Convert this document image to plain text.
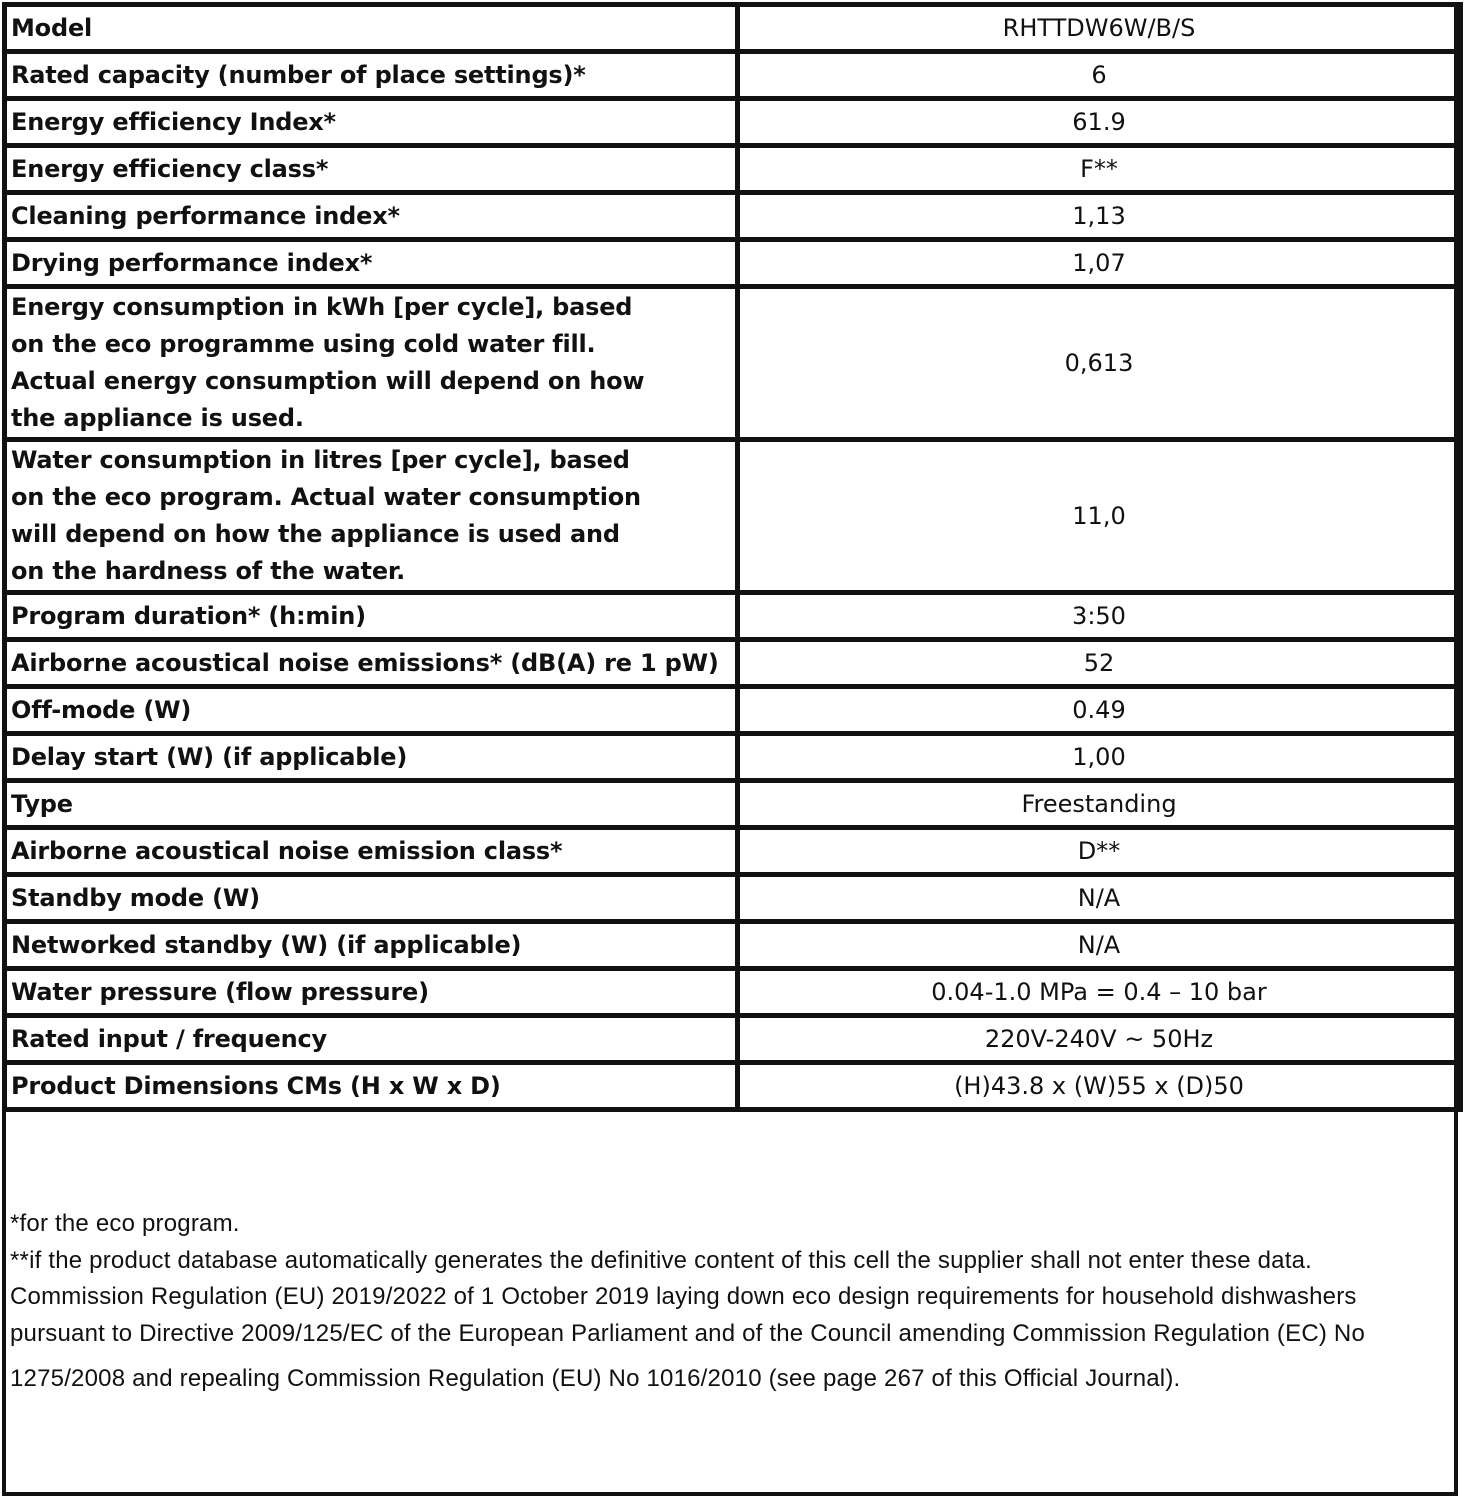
Model	RHTTDW6W/B/S
Rated capacity (number of place settings)*	6
Energy efficiency Index*	61.9
Energy efficiency class*	F**
Cleaning performance index*	1,13
Drying performance index*	1,07

Energy consumption in kWh [per cycle], based on the eco programme using cold water fill. Actual energy consumption will depend on how the appliance is used.	0,613

Water consumption in litres [per cycle], based on the eco program. Actual water consumption will depend on how the appliance is used and on the hardness of the water.	11,0
Program duration* (h:min)	3:50
Airborne acoustical noise emissions* (dB(A) re 1 pW)	52
Off-mode (W)	0.49
Delay start (W) (if applicable)	1,00
Type	Freestanding
Airborne acoustical noise emission class*	D**
Standby mode (W)	N/A
Networked standby (W) (if applicable)	N/A
Water pressure (flow pressure)	0.04-1.0 MPa = 0.4 – 10 bar
Rated input / frequency	220V-240V ~ 50Hz
Product Dimensions CMs (H x W x D)	(H)43.8 x (W)55 x (D)50

*for the eco program.

**if the product database automatically generates the definitive content of this cell the supplier shall not enter these data.

Commission Regulation (EU) 2019/2022 of 1 October 2019 laying down eco design requirements for household dishwashers

pursuant to Directive 2009/125/EC of the European Parliament and of the Council amending Commission Regulation (EC) No

1275/2008 and repealing Commission Regulation (EU) No 1016/2010 (see page 267 of this Official Journal).
